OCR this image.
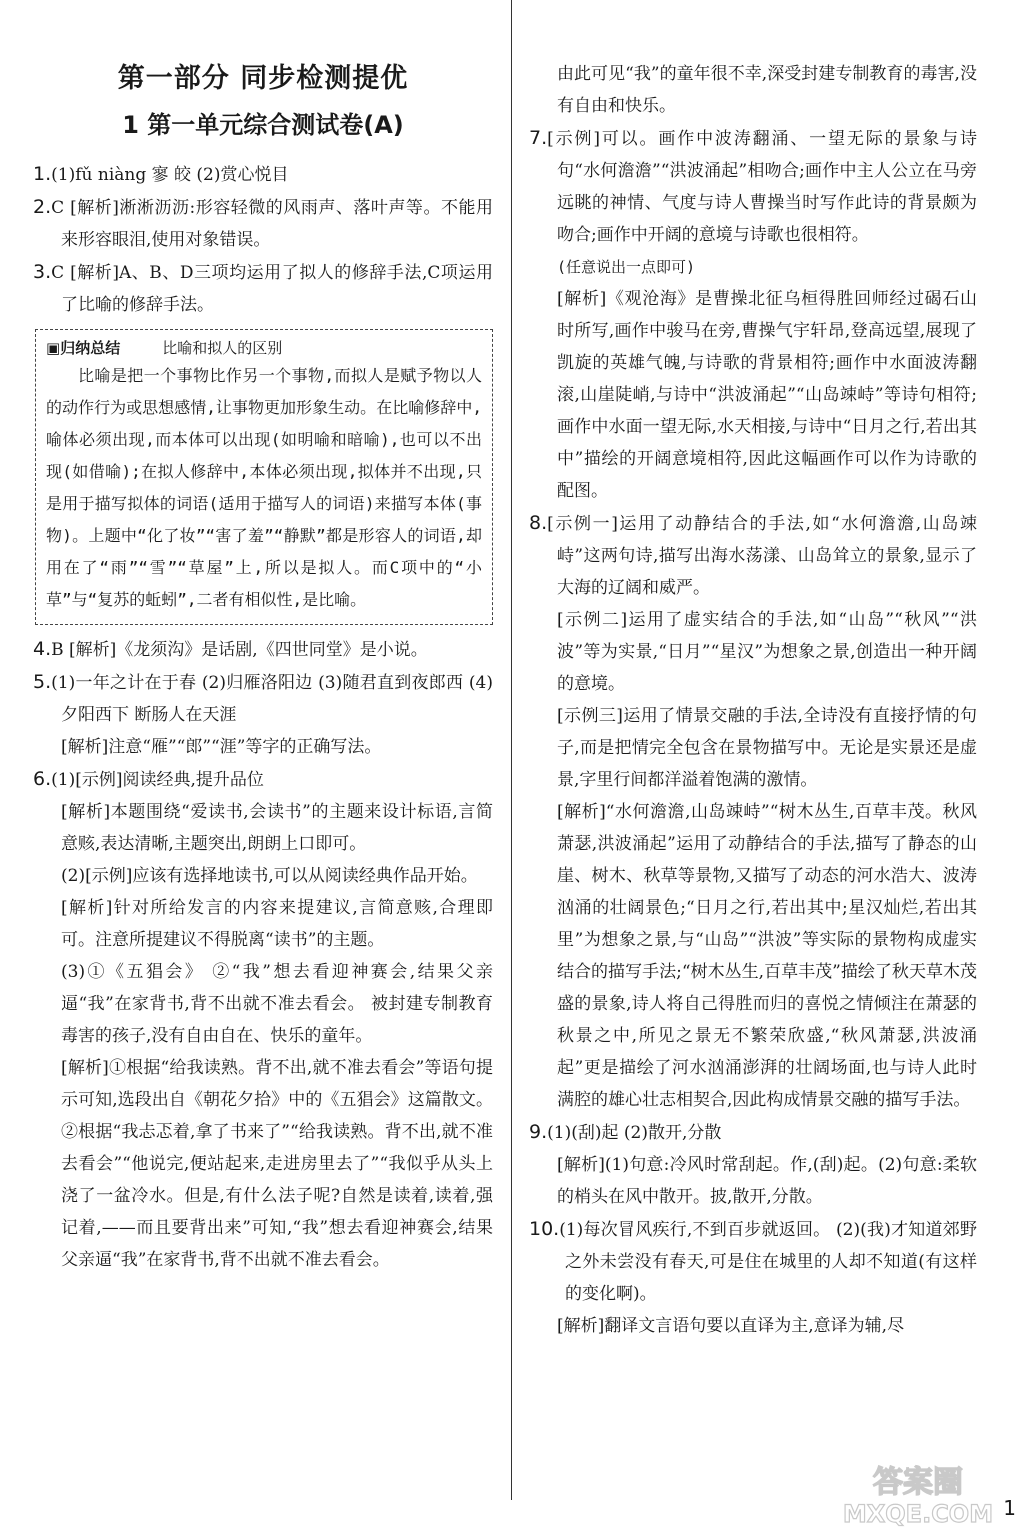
第一部分 同步检测提优
1 第一单元综合测试卷(A)

1.(1)fǔ niàng 寥 皎 (2)赏心悦目

2.C [解析]淅淅沥沥:形容轻微的风雨声、落叶声等。不能用来形容眼泪,使用对象错误。

3.C [解析]A、B、D三项均运用了拟人的修辞手法,C项运用了比喻的修辞手法。

▣归纳总结	比喻和拟人的区别
比喻是把一个事物比作另一个事物,而拟人是赋予物以人的动作行为或思想感情,让事物更加形象生动。在比喻修辞中,喻体必须出现,而本体可以出现(如明喻和暗喻),也可以不出现(如借喻);在拟人修辞中,本体必须出现,拟体并不出现,只是用于描写拟体的词语(适用于描写人的词语)来描写本体(事物)。上题中“化了妆”“害了羞”“静默”都是形容人的词语,却用在了“雨”“雪”“草屋”上,所以是拟人。而C项中的“小草”与“复苏的蚯蚓”,二者有相似性,是比喻。

4.B [解析]《龙须沟》是话剧,《四世同堂》是小说。

5.(1)一年之计在于春 (2)归雁洛阳边 (3)随君直到夜郎西 (4)夕阳西下 断肠人在天涯

[解析]注意“雁”“郎”“涯”等字的正确写法。

6.(1)[示例]阅读经典,提升品位

[解析]本题围绕“爱读书,会读书”的主题来设计标语,言简意赅,表达清晰,主题突出,朗朗上口即可。

(2)[示例]应该有选择地读书,可以从阅读经典作品开始。

[解析]针对所给发言的内容来提建议,言简意赅,合理即可。注意所提建议不得脱离“读书”的主题。

(3)①《五猖会》 ②“我”想去看迎神赛会,结果父亲逼“我”在家背书,背不出就不准去看会。 被封建专制教育毒害的孩子,没有自由自在、快乐的童年。

[解析]①根据“给我读熟。背不出,就不准去看会”等语句提示可知,选段出自《朝花夕拾》中的《五猖会》这篇散文。②根据“我忐忑着,拿了书来了”“给我读熟。背不出,就不准去看会”“他说完,便站起来,走进房里去了”“我似乎从头上浇了一盆冷水。但是,有什么法子呢?自然是读着,读着,强记着,——而且要背出来”可知,“我”想去看迎神赛会,结果父亲逼“我”在家背书,背不出就不准去看会。

由此可见“我”的童年很不幸,深受封建专制教育的毒害,没有自由和快乐。

7.[示例]可以。画作中波涛翻涌、一望无际的景象与诗句“水何澹澹”“洪波涌起”相吻合;画作中主人公立在马旁远眺的神情、气度与诗人曹操当时写作此诗的背景颇为吻合;画作中开阔的意境与诗歌也很相符。

(任意说出一点即可)

[解析]《观沧海》是曹操北征乌桓得胜回师经过碣石山时所写,画作中骏马在旁,曹操气宇轩昂,登高远望,展现了凯旋的英雄气魄,与诗歌的背景相符;画作中水面波涛翻滚,山崖陡峭,与诗中“洪波涌起”“山岛竦峙”等诗句相符;画作中水面一望无际,水天相接,与诗中“日月之行,若出其中”描绘的开阔意境相符,因此这幅画作可以作为诗歌的配图。

8.[示例一]运用了动静结合的手法,如“水何澹澹,山岛竦峙”这两句诗,描写出海水荡漾、山岛耸立的景象,显示了大海的辽阔和威严。

[示例二]运用了虚实结合的手法,如“山岛”“秋风”“洪波”等为实景,“日月”“星汉”为想象之景,创造出一种开阔的意境。

[示例三]运用了情景交融的手法,全诗没有直接抒情的句子,而是把情完全包含在景物描写中。无论是实景还是虚景,字里行间都洋溢着饱满的激情。

[解析]“水何澹澹,山岛竦峙”“树木丛生,百草丰茂。秋风萧瑟,洪波涌起”运用了动静结合的手法,描写了静态的山崖、树木、秋草等景物,又描写了动态的河水浩大、波涛汹涌的壮阔景色;“日月之行,若出其中;星汉灿烂,若出其里”为想象之景,与“山岛”“洪波”等实际的景物构成虚实结合的描写手法;“树木丛生,百草丰茂”描绘了秋天草木茂盛的景象,诗人将自己得胜而归的喜悦之情倾注在萧瑟的秋景之中,所见之景无不繁荣欣盛,“秋风萧瑟,洪波涌起”更是描绘了河水汹涌澎湃的壮阔场面,也与诗人此时满腔的雄心壮志相契合,因此构成情景交融的描写手法。

9.(1)(刮)起 (2)散开,分散

[解析](1)句意:冷风时常刮起。作,(刮)起。(2)句意:柔软的梢头在风中散开。披,散开,分散。

10.(1)每次冒风疾行,不到百步就返回。 (2)(我)才知道郊野之外未尝没有春天,可是住在城里的人却不知道(有这样的变化啊)。

[解析]翻译文言语句要以直译为主,意译为辅,尽

答案圈
MXQE.COM 1
